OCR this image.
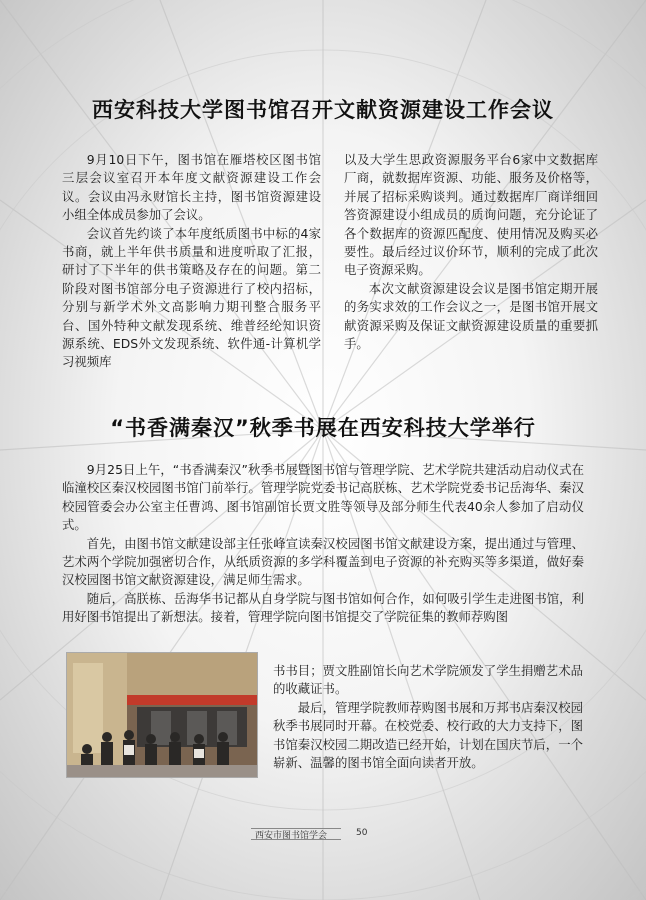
西安科技大学图书馆召开文献资源建设工作会议

9月10日下午，图书馆在雁塔校区图书馆三层会议室召开本年度文献资源建设工作会议。会议由冯永财馆长主持，图书馆资源建设小组全体成员参加了会议。

会议首先约谈了本年度纸质图书中标的4家书商，就上半年供书质量和进度听取了汇报，研讨了下半年的供书策略及存在的问题。第二阶段对图书馆部分电子资源进行了校内招标，分别与新学术外文高影响力期刊整合服务平台、国外特种文献发现系统、维普经纶知识资源系统、EDS外文发现系统、软件通-计算机学习视频库

以及大学生思政资源服务平台6家中文数据库厂商，就数据库资源、功能、服务及价格等，并展了招标采购谈判。通过数据库厂商详细回答资源建设小组成员的质询问题，充分论证了各个数据库的资源匹配度、使用情况及购买必要性。最后经过议价环节，顺利的完成了此次电子资源采购。

本次文献资源建设会议是图书馆定期开展的务实求效的工作会议之一，是图书馆开展文献资源采购及保证文献资源建设质量的重要抓手。

“书香满秦汉”秋季书展在西安科技大学举行

9月25日上午，“书香满秦汉”秋季书展暨图书馆与管理学院、艺术学院共建活动启动仪式在临潼校区秦汉校园图书馆门前举行。管理学院党委书记高朕栋、艺术学院党委书记岳海华、秦汉校园管委会办公室主任曹鸿、图书馆副馆长贾文胜等领导及部分师生代表40余人参加了启动仪式。

首先，由图书馆文献建设部主任张峰宣读秦汉校园图书馆文献建设方案，提出通过与管理、艺术两个学院加强密切合作，从纸质资源的多学科覆盖到电子资源的补充购买等多渠道，做好秦汉校园图书馆文献资源建设，满足师生需求。

随后，高朕栋、岳海华书记都从自身学院与图书馆如何合作，如何吸引学生走进图书馆，利用好图书馆提出了新想法。接着，管理学院向图书馆提交了学院征集的教师荐购图

书书目；贾文胜副馆长向艺术学院颁发了学生捐赠艺术品的收藏证书。

最后，管理学院教师荐购图书展和万邦书店秦汉校园秋季书展同时开幕。在校党委、校行政的大力支持下，图书馆秦汉校园二期改造已经开始，计划在国庆节后，一个崭新、温馨的图书馆全面向读者开放。

西安市图书馆学会	50
